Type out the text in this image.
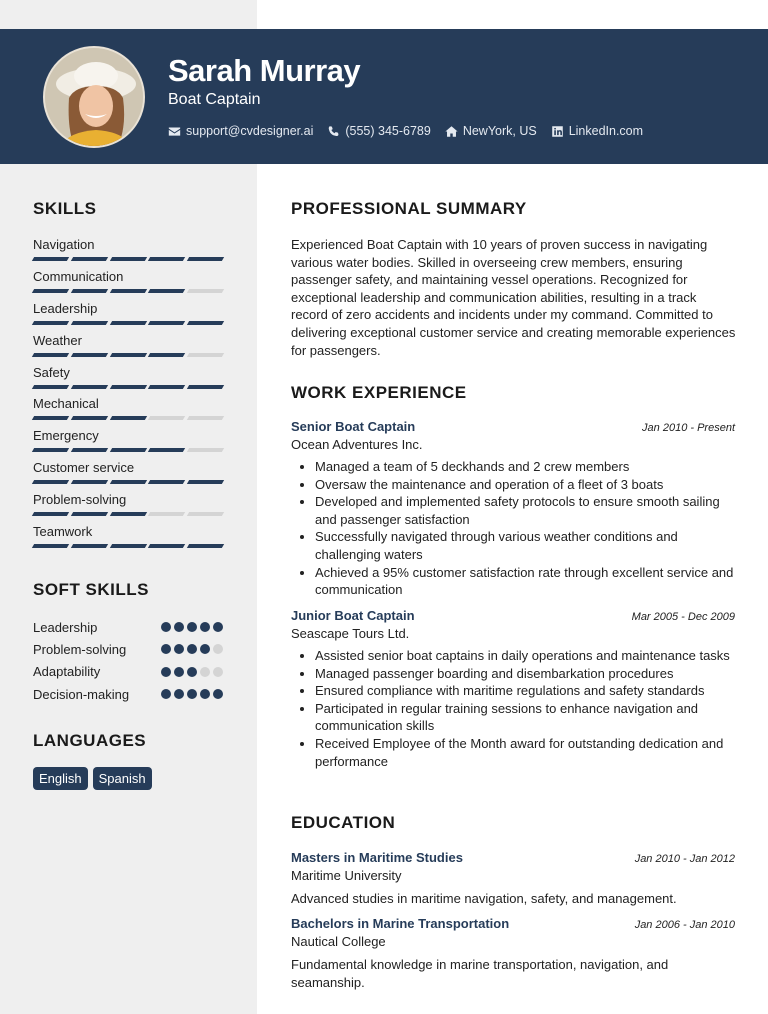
Sarah Murray
Boat Captain
support@cvdesigner.ai	(555) 345-6789	NewYork, US	LinkedIn.com
SKILLS
Navigation
Communication
Leadership
Weather
Safety
Mechanical
Emergency
Customer service
Problem-solving
Teamwork
SOFT SKILLS
Leadership
Problem-solving
Adaptability
Decision-making
LANGUAGES
English	Spanish
PROFESSIONAL SUMMARY
Experienced Boat Captain with 10 years of proven success in navigating various water bodies. Skilled in overseeing crew members, ensuring passenger safety, and maintaining vessel operations. Recognized for exceptional leadership and communication abilities, resulting in a track record of zero accidents and incidents under my command. Committed to delivering exceptional customer service and creating memorable experiences for passengers.
WORK EXPERIENCE
Senior Boat Captain	Jan 2010 - Present
Ocean Adventures Inc.
• Managed a team of 5 deckhands and 2 crew members
• Oversaw the maintenance and operation of a fleet of 3 boats
• Developed and implemented safety protocols to ensure smooth sailing and passenger satisfaction
• Successfully navigated through various weather conditions and challenging waters
• Achieved a 95% customer satisfaction rate through excellent service and communication
Junior Boat Captain	Mar 2005 - Dec 2009
Seascape Tours Ltd.
• Assisted senior boat captains in daily operations and maintenance tasks
• Managed passenger boarding and disembarkation procedures
• Ensured compliance with maritime regulations and safety standards
• Participated in regular training sessions to enhance navigation and communication skills
• Received Employee of the Month award for outstanding dedication and performance
EDUCATION
Masters in Maritime Studies	Jan 2010 - Jan 2012
Maritime University
Advanced studies in maritime navigation, safety, and management.
Bachelors in Marine Transportation	Jan 2006 - Jan 2010
Nautical College
Fundamental knowledge in marine transportation, navigation, and seamanship.
